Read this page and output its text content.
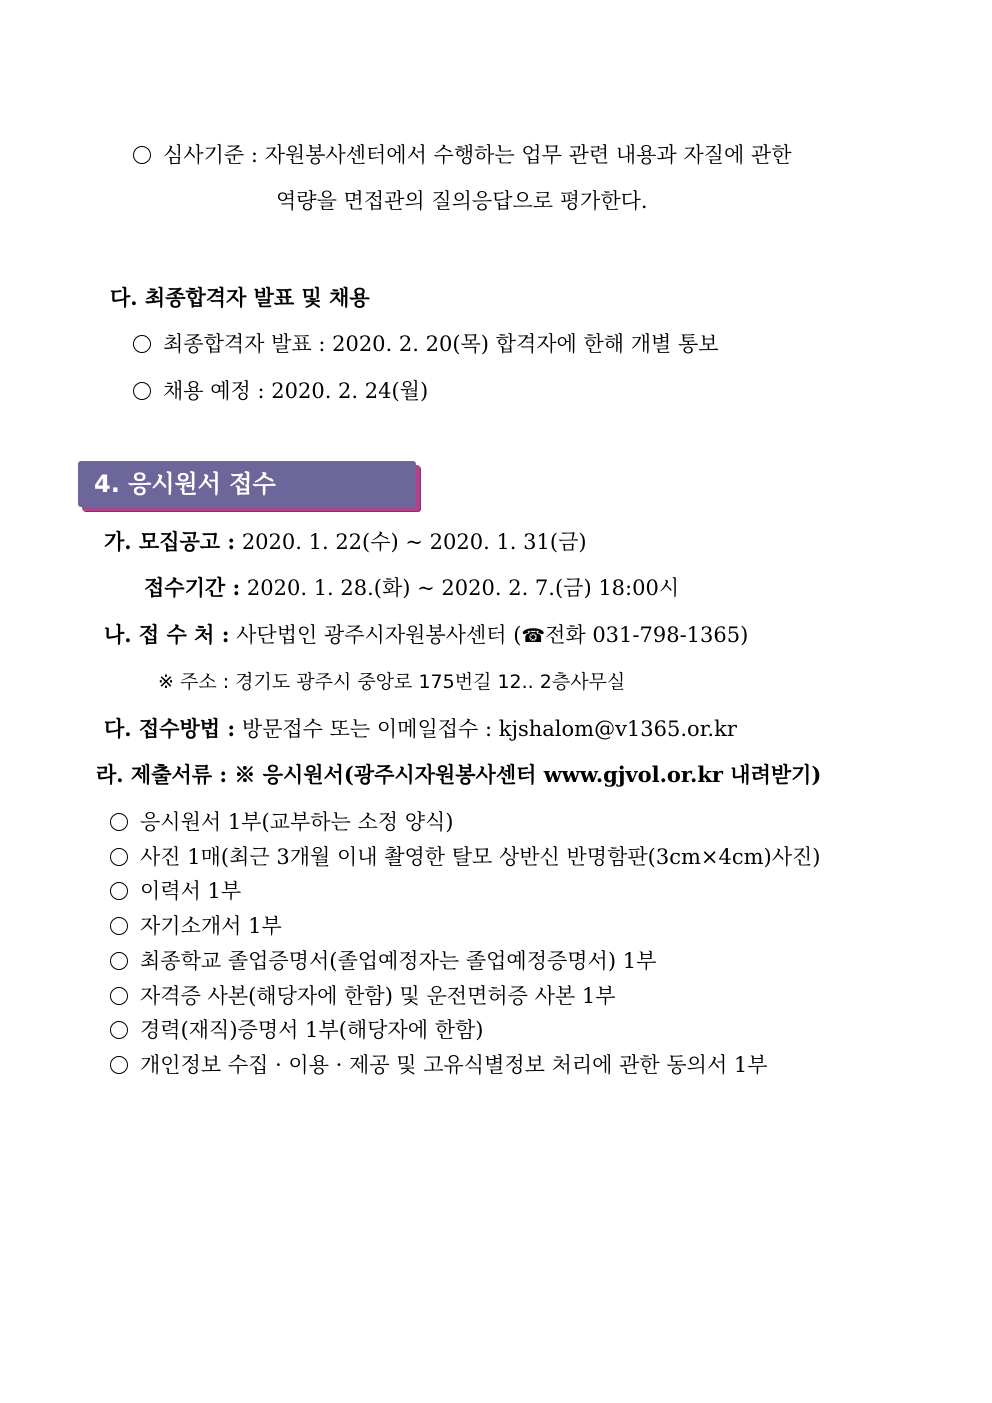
심사기준 : 자원봉사센터에서 수행하는 업무 관련 내용과 자질에 관한
역량을 면접관의 질의응답으로 평가한다.
다. 최종합격자 발표 및 채용
최종합격자 발표 : 2020. 2. 20(목) 합격자에 한해 개별 통보
채용 예정 : 2020. 2. 24(월)
4. 응시원서 접수
가. 모집공고 : 2020. 1. 22(수) ~ 2020. 1. 31(금)
접수기간 : 2020. 1. 28.(화) ~ 2020. 2. 7.(금) 18:00시
나. 접 수 처 : 사단법인 광주시자원봉사센터 (☎전화 031-798-1365)
※ 주소 : 경기도 광주시 중앙로 175번길 12.. 2층사무실
다. 접수방법 : 방문접수 또는 이메일접수 : kjshalom@v1365.or.kr
라. 제출서류 : ※ 응시원서(광주시자원봉사센터 www.gjvol.or.kr 내려받기)
응시원서 1부(교부하는 소정 양식)
사진 1매(최근 3개월 이내 촬영한 탈모 상반신 반명함판(3cm×4cm)사진)
이력서 1부
자기소개서 1부
최종학교 졸업증명서(졸업예정자는 졸업예정증명서) 1부
자격증 사본(해당자에 한함) 및 운전면허증 사본 1부
경력(재직)증명서 1부(해당자에 한함)
개인정보 수집 · 이용 · 제공 및 고유식별정보 처리에 관한 동의서 1부
